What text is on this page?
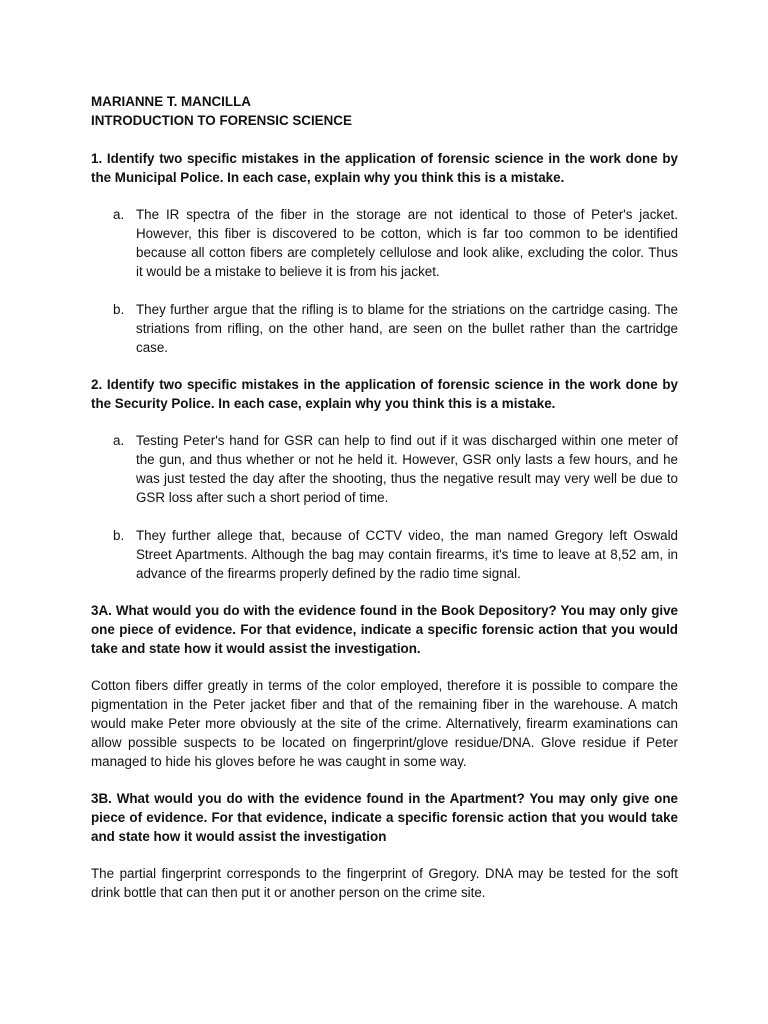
MARIANNE T. MANCILLA

INTRODUCTION TO FORENSIC SCIENCE

1. Identify two specific mistakes in the application of forensic science in the work done by the Municipal Police. In each case, explain why you think this is a mistake.

a. The IR spectra of the fiber in the storage are not identical to those of Peter's jacket. However, this fiber is discovered to be cotton, which is far too common to be identified because all cotton fibers are completely cellulose and look alike, excluding the color. Thus it would be a mistake to believe it is from his jacket.
b. They further argue that the rifling is to blame for the striations on the cartridge casing. The striations from rifling, on the other hand, are seen on the bullet rather than the cartridge case.

2. Identify two specific mistakes in the application of forensic science in the work done by the Security Police. In each case, explain why you think this is a mistake.

a. Testing Peter's hand for GSR can help to find out if it was discharged within one meter of the gun, and thus whether or not he held it. However, GSR only lasts a few hours, and he was just tested the day after the shooting, thus the negative result may very well be due to GSR loss after such a short period of time.
b. They further allege that, because of CCTV video, the man named Gregory left Oswald Street Apartments. Although the bag may contain firearms, it's time to leave at 8,52 am, in advance of the firearms properly defined by the radio time signal.

3A. What would you do with the evidence found in the Book Depository? You may only give one piece of evidence. For that evidence, indicate a specific forensic action that you would take and state how it would assist the investigation.

Cotton fibers differ greatly in terms of the color employed, therefore it is possible to compare the pigmentation in the Peter jacket fiber and that of the remaining fiber in the warehouse. A match would make Peter more obviously at the site of the crime. Alternatively, firearm examinations can allow possible suspects to be located on fingerprint/glove residue/DNA. Glove residue if Peter managed to hide his gloves before he was caught in some way.

3B. What would you do with the evidence found in the Apartment? You may only give one piece of evidence. For that evidence, indicate a specific forensic action that you would take and state how it would assist the investigation

The partial fingerprint corresponds to the fingerprint of Gregory. DNA may be tested for the soft drink bottle that can then put it or another person on the crime site.
